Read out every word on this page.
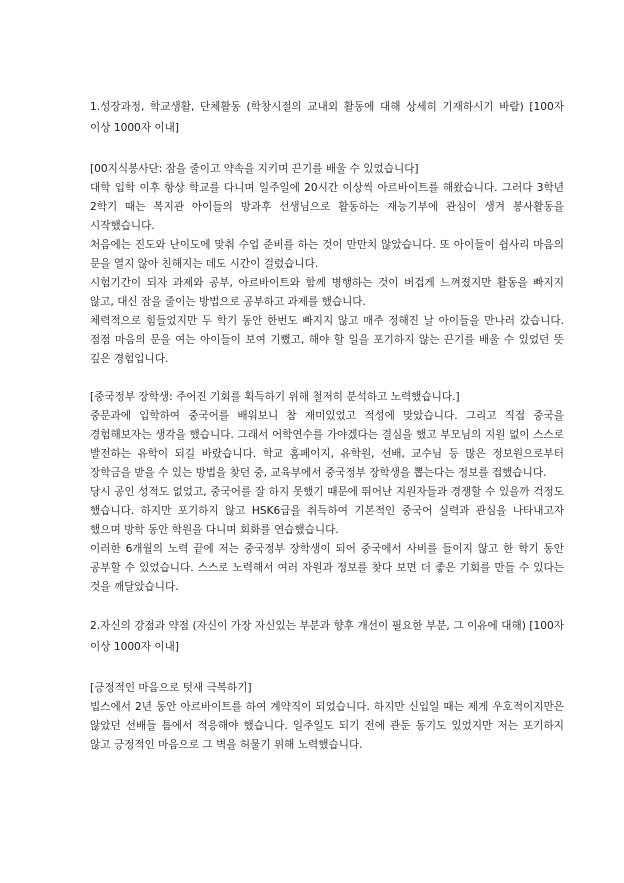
1.성장과정, 학교생활, 단체활동 (학창시절의 교내외 활동에 대해 상세히 기재하시기 바람) [100자 이상 1000자 이내]

[00지식봉사단: 잠을 줄이고 약속을 지키며 끈기를 배울 수 있었습니다]

대학 입학 이후 항상 학교를 다니며 일주일에 20시간 이상씩 아르바이트를 해왔습니다. 그러다 3학년 2학기 때는 복지관 아이들의 방과후 선생님으로 활동하는 재능기부에 관심이 생겨 봉사활동을 시작했습니다.

처음에는 진도와 난이도에 맞춰 수업 준비를 하는 것이 만만치 않았습니다. 또 아이들이 쉽사리 마음의 문을 열지 않아 친해지는 데도 시간이 걸렸습니다.

시험기간이 되자 과제와 공부, 아르바이트와 함께 병행하는 것이 버겁게 느껴졌지만 활동을 빠지지 않고, 대신 잠을 줄이는 방법으로 공부하고 과제를 했습니다.

체력적으로 힘들었지만 두 학기 동안 한번도 빠지지 않고 매주 정해진 날 아이들을 만나러 갔습니다. 점점 마음의 문을 여는 아이들이 보여 기뻤고, 해야 할 일을 포기하지 않는 끈기를 배울 수 있었던 뜻 깊은 경험입니다.

[중국정부 장학생: 주어진 기회를 획득하기 위해 철저히 분석하고 노력했습니다.]

중문과에 입학하여 중국어를 배워보니 참 재미있었고 적성에 맞았습니다. 그리고 직접 중국을 경험해보자는 생각을 했습니다. 그래서 어학연수를 가야겠다는 결심을 했고 부모님의 지원 없이 스스로 발전하는 유학이 되길 바랐습니다. 학교 홈페이지, 유학원, 선배, 교수님 등 많은 정보원으로부터 장학금을 받을 수 있는 방법을 찾던 중, 교육부에서 중국정부 장학생을 뽑는다는 정보를 접했습니다.

당시 공인 성적도 없었고, 중국어를 잘 하지 못했기 때문에 뛰어난 지원자들과 경쟁할 수 있을까 걱정도 했습니다. 하지만 포기하지 않고 HSK6급을 취득하여 기본적인 중국어 실력과 관심을 나타내고자 했으며 방학 동안 학원을 다니며 회화를 연습했습니다.

이러한 6개월의 노력 끝에 저는 중국정부 장학생이 되어 중국에서 사비를 들이지 않고 한 학기 동안 공부할 수 있었습니다. 스스로 노력해서 여러 자원과 정보를 찾다 보면 더 좋은 기회를 만들 수 있다는 것을 깨달았습니다.

2.자신의 강점과 약점 (자신이 가장 자신있는 부분과 향후 개선이 필요한 부분, 그 이유에 대해) [100자 이상 1000자 이내]

[긍정적인 마음으로 텃새 극복하기]

빕스에서 2년 동안 아르바이트를 하여 계약직이 되었습니다. 하지만 신입일 때는 제게 우호적이지만은 않았던 선배들 틈에서 적응해야 했습니다. 일주일도 되기 전에 관둔 동기도 있었지만 저는 포기하지 않고 긍정적인 마음으로 그 벽을 허물기 위해 노력했습니다.
